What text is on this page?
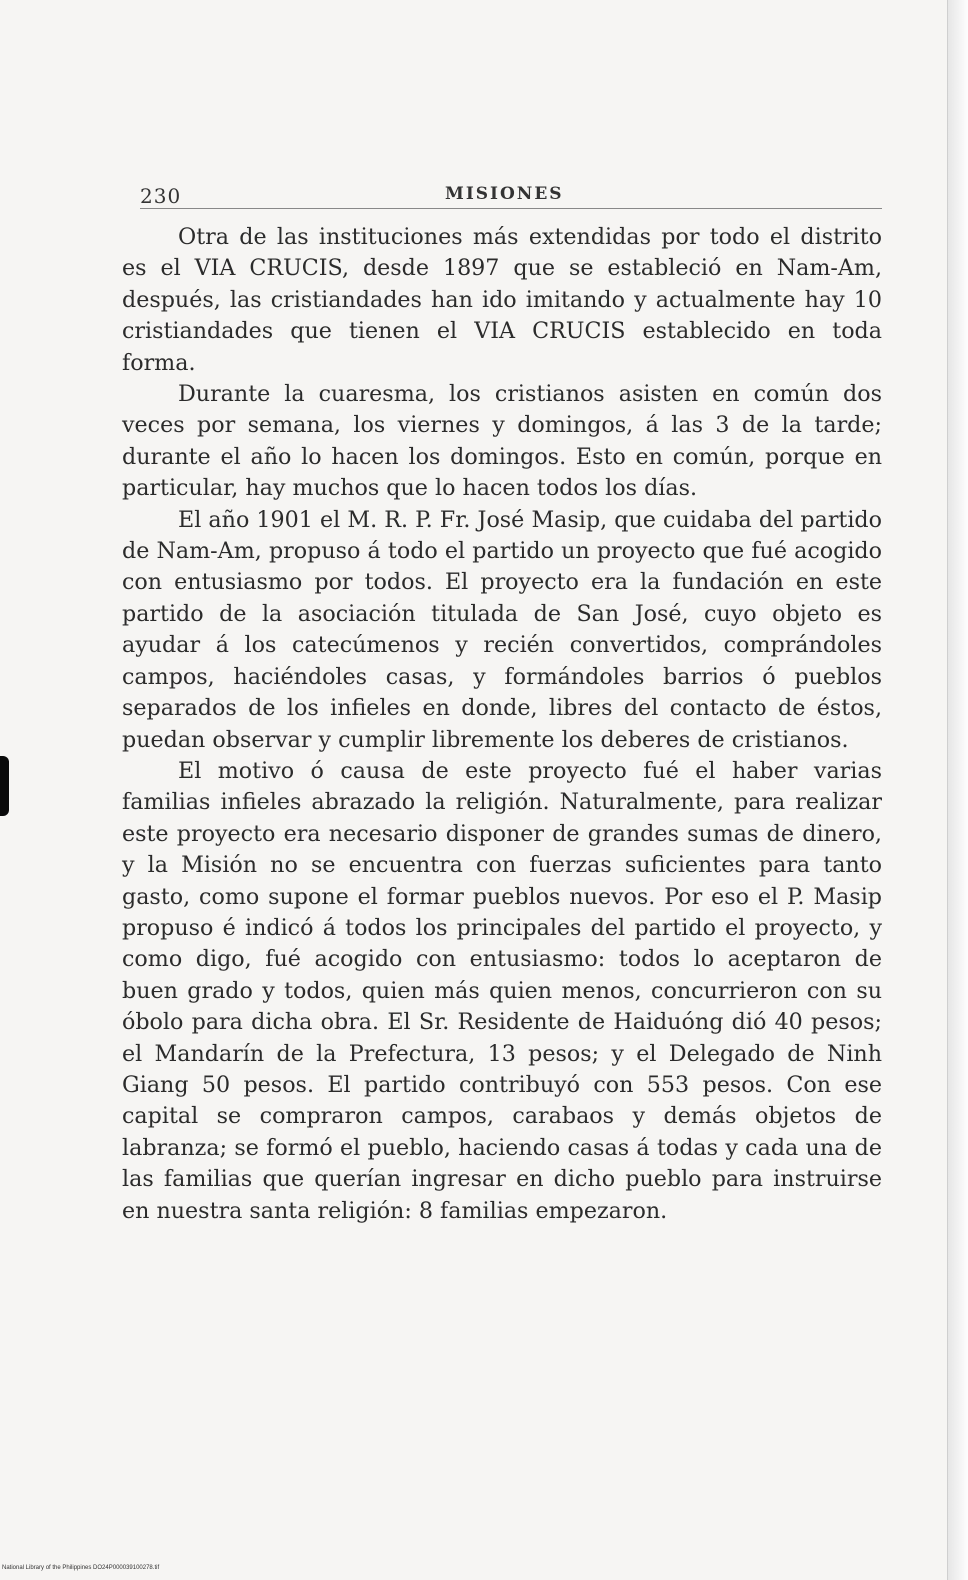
230	MISIONES

Otra de las instituciones más extendidas por todo el distrito es el VIA CRUCIS, desde 1897 que se estableció en Nam-Am, después, las cristiandades han ido imitando y actualmente hay 10 cristiandades que tienen el VIA CRUCIS establecido en toda forma.

Durante la cuaresma, los cristianos asisten en común dos veces por semana, los viernes y domingos, á las 3 de la tarde; durante el año lo hacen los domingos. Esto en común, porque en particular, hay muchos que lo hacen todos los días.

El año 1901 el M. R. P. Fr. José Masip, que cuidaba del partido de Nam-Am, propuso á todo el partido un proyecto que fué acogido con entusiasmo por todos. El proyecto era la fundación en este partido de la asociación titulada de San José, cuyo objeto es ayudar á los catecúmenos y recién convertidos, comprándoles campos, haciéndoles casas, y formándoles barrios ó pueblos separados de los infieles en donde, libres del contacto de éstos, puedan observar y cumplir libremente los deberes de cristianos.

El motivo ó causa de este proyecto fué el haber varias familias infieles abrazado la religión. Naturalmente, para realizar este proyecto era necesario disponer de grandes sumas de dinero, y la Misión no se encuentra con fuerzas suficientes para tanto gasto, como supone el formar pueblos nuevos. Por eso el P. Masip propuso é indicó á todos los principales del partido el proyecto, y como digo, fué acogido con entusiasmo: todos lo aceptaron de buen grado y todos, quien más quien menos, concurrieron con su óbolo para dicha obra. El Sr. Residente de Haiduóng dió 40 pesos; el Mandarín de la Prefectura, 13 pesos; y el Delegado de Ninh Giang 50 pesos. El partido contribuyó con 553 pesos. Con ese capital se compraron campos, carabaos y demás objetos de labranza; se formó el pueblo, haciendo casas á todas y cada una de las familias que querían ingresar en dicho pueblo para instruirse en nuestra santa religión: 8 familias empezaron.

National Library of the Philippines DO24P000039100278.tif
